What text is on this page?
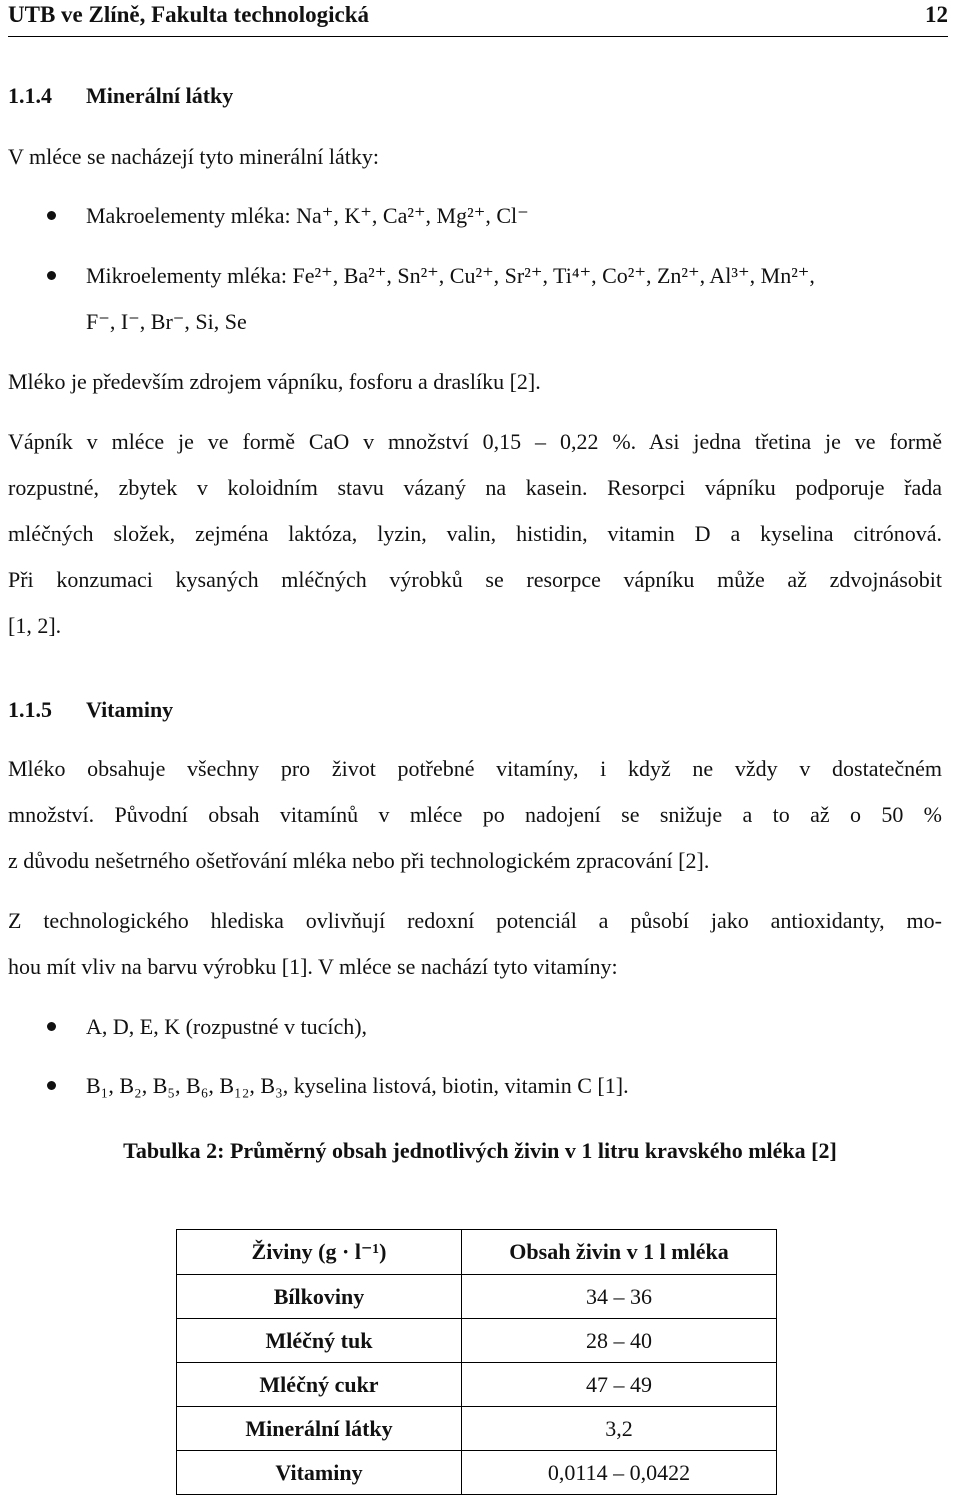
UTB ve Zlíně, Fakulta technologická	12
1.1.4 Minerální látky
V mléce se nacházejí tyto minerální látky:
Makroelementy mléka: Na⁺, K⁺, Ca²⁺, Mg²⁺, Cl⁻
Mikroelementy mléka: Fe²⁺, Ba²⁺, Sn²⁺, Cu²⁺, Sr²⁺, Ti⁴⁺, Co²⁺, Zn²⁺, Al³⁺, Mn²⁺,
F⁻, I⁻, Br⁻, Si, Se
Mléko je především zdrojem vápníku, fosforu a draslíku [2].
Vápník v mléce je ve formě CaO v množství 0,15 – 0,22 %. Asi jedna třetina je ve formě
rozpustné, zbytek v koloidním stavu vázaný na kasein. Resorpci vápníku podporuje řada
mléčných složek, zejména laktóza, lyzin, valin, histidin, vitamin D a kyselina citrónová.
Při konzumaci kysaných mléčných výrobků se resorpce vápníku může až zdvojnásobit
[1, 2].
1.1.5 Vitaminy
Mléko obsahuje všechny pro život potřebné vitamíny, i když ne vždy v dostatečném
množství. Původní obsah vitamínů v mléce po nadojení se snižuje a to až o 50 %
z důvodu nešetrného ošetřování mléka nebo při technologickém zpracování [2].
Z technologického hlediska ovlivňují redoxní potenciál a působí jako antioxidanty, mo-
hou mít vliv na barvu výrobku [1]. V mléce se nachází tyto vitamíny:
A, D, E, K (rozpustné v tucích),
B₁, B₂, B₅, B₆, B₁₂, B₃, kyselina listová, biotin, vitamin C [1].
Tabulka 2: Průměrný obsah jednotlivých živin v 1 litru kravského mléka [2]
Živiny (g · l⁻¹)	Obsah živin v 1 l mléka
Bílkoviny	34 – 36
Mléčný tuk	28 – 40
Mléčný cukr	47 – 49
Minerální látky	3,2
Vitaminy	0,0114 – 0,0422
